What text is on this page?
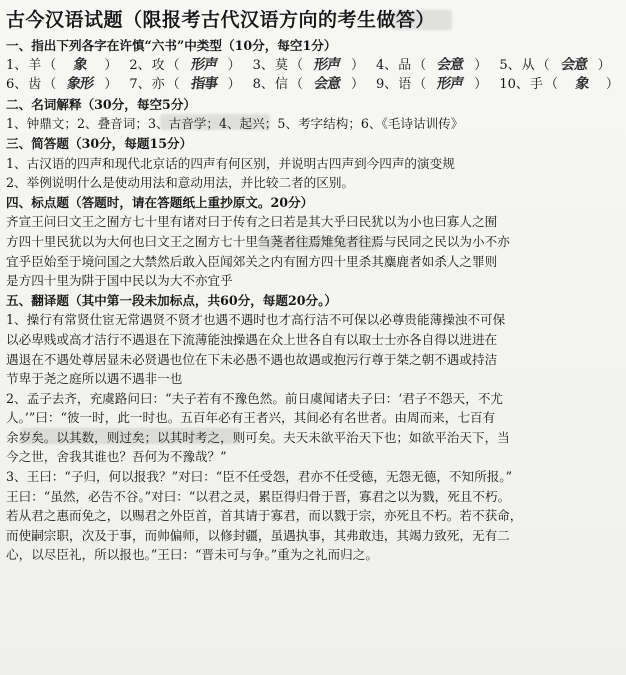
古今汉语试题（限报考古代汉语方向的考生做答）
一、指出下列各字在许慎“六书”中类型（10分，每空1分）
1、 羊 （	象	） 2、 攻 （ 形声 ） 3、 莫 （ 形声 ） 4、 品 （ 会意 ） 5、 从 （ 会意 ）
6、 齿 （ 象形 ） 7、 亦 （ 指事 ） 8、 信 （ 会意 ） 9、 语 （ 形声 ） 10、 手 （	象	）
二、名词解释（30分，每空5分）
1、钟鼎文；2、叠音词；3、古音学；4、起兴；5、考字结构；6、《毛诗诂训传》
三、简答题（30分，每题15分）
1、古汉语的四声和现代北京话的四声有何区别，并说明古四声到今四声的演变规
2、举例说明什么是使动用法和意动用法，并比较二者的区别。
四、标点题（答题时，请在答题纸上重抄原文。20分）
齐宣王问曰文王之囿方七十里有诸对曰于传有之曰若是其大乎曰民犹以为小也曰寡人之囿
方四十里民犹以为大何也曰文王之囿方七十里刍荛者往焉雉兔者往焉与民同之民以为小不亦
宜乎臣始至于境问国之大禁然后敢入臣闻郊关之内有囿方四十里杀其麋鹿者如杀人之罪则
是方四十里为阱于国中民以为大不亦宜乎
五、翻译题（其中第一段未加标点，共60分，每题20分。）
1、操行有常贤仕宦无常遇贤不贤才也遇不遇时也才高行洁不可保以必尊贵能薄操浊不可保
以必卑贱或高才洁行不遇退在下流薄能浊操遇在众上世各自有以取士士亦各自得以进进在
遇退在不遇处尊居显未必贤遇也位在下未必愚不遇也故遇或抱污行尊于桀之朝不遇或持洁
节卑于尧之庭所以遇不遇非一也
2、孟子去齐，充虞路问曰：“夫子若有不豫色然。前日虞闻诸夫子曰：‘君子不怨天，不尤
人。’”曰：“彼一时，此一时也。五百年必有王者兴，其间必有名世者。由周而来，七百有
余岁矣。以其数，则过矣；以其时考之，则可矣。夫天未欲平治天下也；如欲平治天下，当
今之世，舍我其谁也？吾何为不豫哉？”
3、王曰：“子归，何以报我？”对曰：“臣不任受怨，君亦不任受德，无怨无德，不知所报。”
王曰：“虽然，必告不谷。”对曰：“以君之灵，累臣得归骨于晋，寡君之以为戮，死且不朽。
若从君之惠而免之，以赐君之外臣首，首其请于寡君，而以戮于宗，亦死且不朽。若不获命，
而使嗣宗职，次及于事，而帅偏师，以修封疆，虽遇执事，其弗敢违，其竭力致死，无有二
心，以尽臣礼，所以报也。”王曰：“晋未可与争。”重为之礼而归之。
